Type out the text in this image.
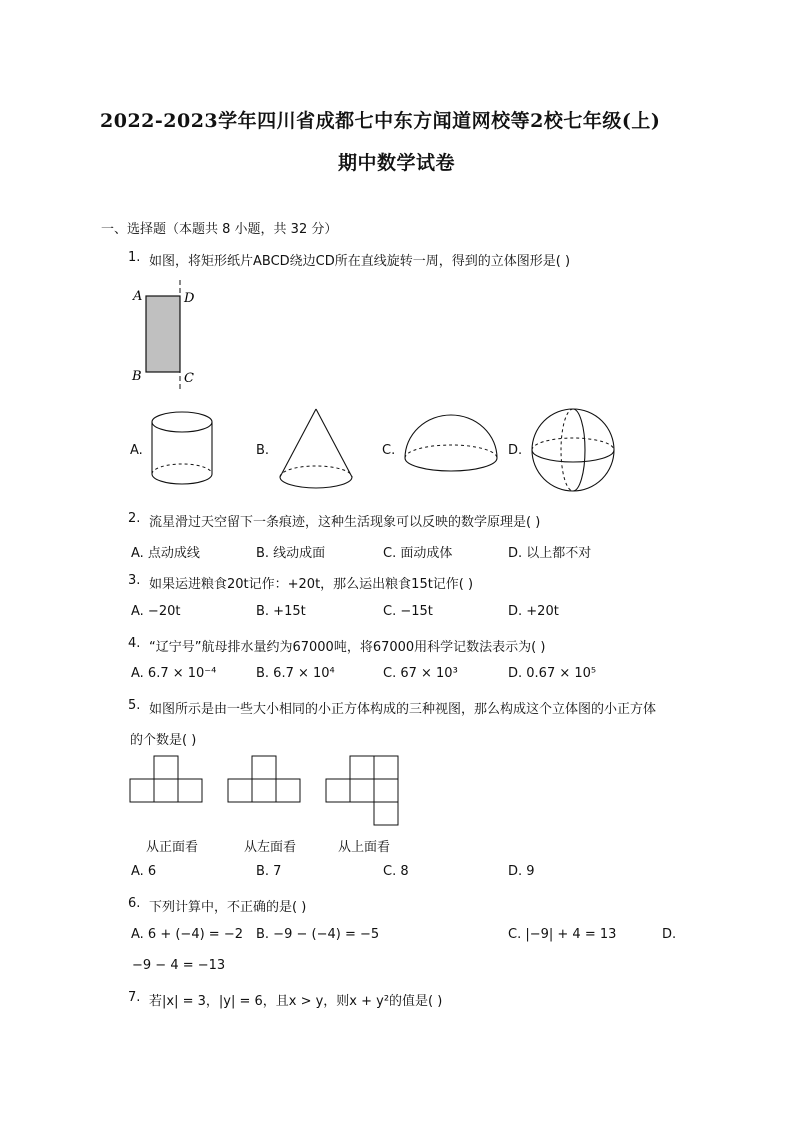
2022-2023学年四川省成都七中东方闻道网校等2校七年级(上)
期中数学试卷
一、选择题（本题共 8 小题，共 32 分）
1. 如图，将矩形纸片ABCD绕边CD所在直线旋转一周，得到的立体图形是( )
A	D
B	C
A.	B.	C.	D.
2. 流星滑过天空留下一条痕迹，这种生活现象可以反映的数学原理是( )
A. 点动成线	B. 线动成面	C. 面动成体	D. 以上都不对
3. 如果运进粮食20t记作：+20t，那么运出粮食15t记作( )
A. −20t	B. +15t	C. −15t	D. +20t
4. “辽宁号”航母排水量约为67000吨，将67000用科学记数法表示为( )
A. 6.7 × 10⁻⁴	B. 6.7 × 10⁴	C. 67 × 10³	D. 0.67 × 10⁵
5. 如图所示是由一些大小相同的小正方体构成的三种视图，那么构成这个立体图的小正方体
的个数是( )
从正面看	从左面看	从上面看
A. 6	B. 7	C. 8	D. 9
6. 下列计算中，不正确的是( )
A. 6 + (−4) = −2 B. −9 − (−4) = −5	C. |−9| + 4 = 13	D.
−9 − 4 = −13
7. 若|x| = 3，|y| = 6，且x > y，则x + y²的值是( )
